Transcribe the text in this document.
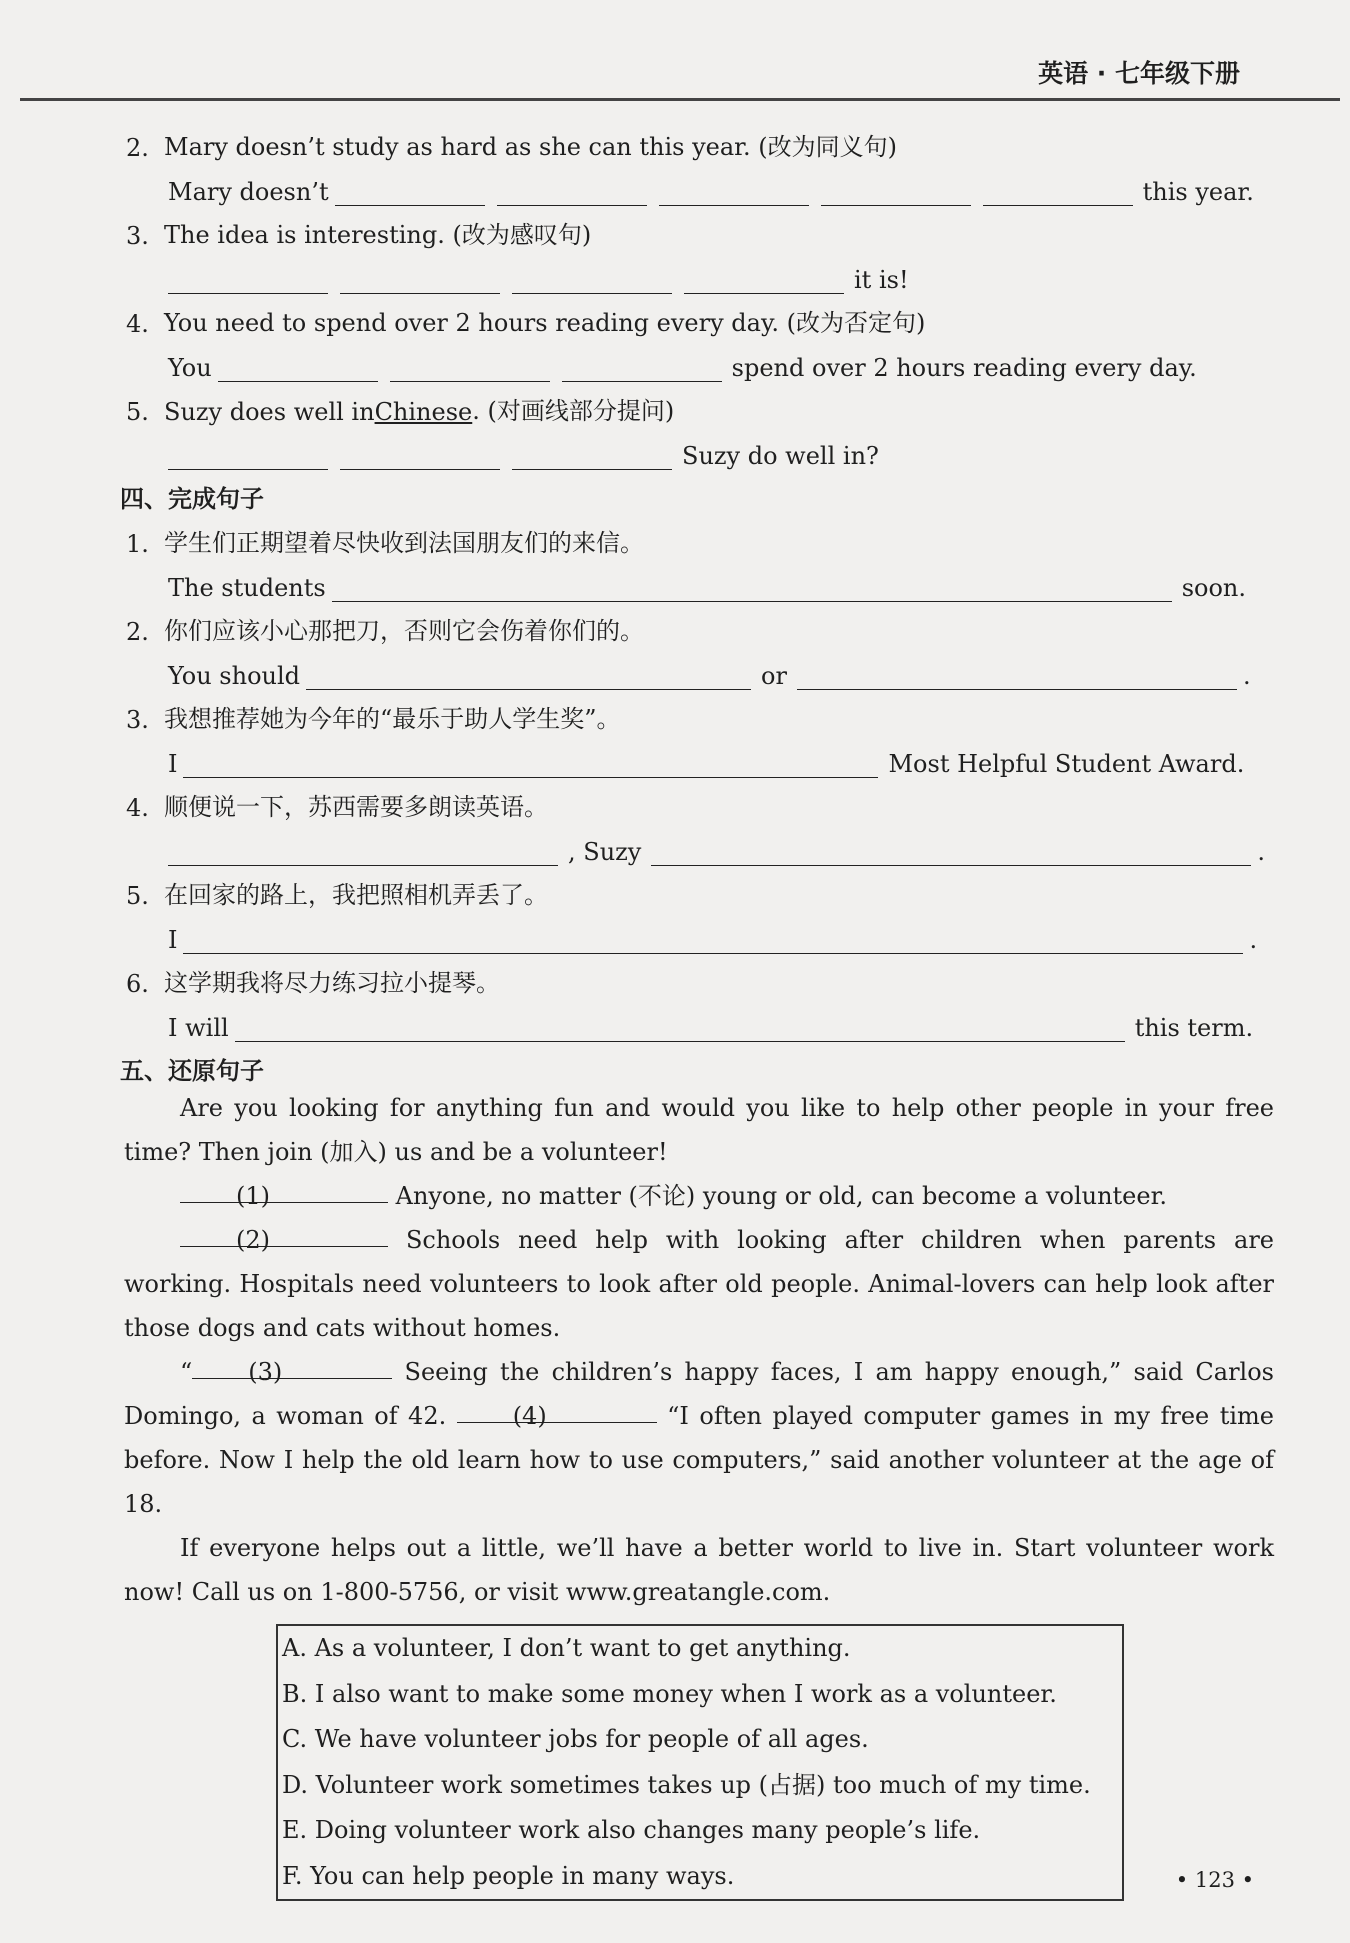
英语 · 七年级下册
2. Mary doesn’t study as hard as she can this year. (改为同义句)
Mary doesn’t	this year.
3. The idea is interesting. (改为感叹句)
it is!
4. You need to spend over 2 hours reading every day. (改为否定句)
You	spend over 2 hours reading every day.
5. Suzy does well in Chinese . (对画线部分提问)
Suzy do well in?
四、完成句子
1. 学生们正期望着尽快收到法国朋友们的来信。
The students	soon.
2. 你们应该小心那把刀，否则它会伤着你们的。
You should	or	.
3. 我想推荐她为今年的“最乐于助人学生奖”。
I	Most Helpful Student Award.
4. 顺便说一下，苏西需要多朗读英语。
, Suzy	.
5. 在回家的路上，我把照相机弄丢了。
I	.
6. 这学期我将尽力练习拉小提琴。
I will	this term.
五、还原句子
Are you looking for anything fun and would you like to help other people in your free time? Then join (加入) us and be a volunteer!
(1)	Anyone, no matter (不论) young or old, can become a volunteer.
(2)	Schools need help with looking after children when parents are working. Hospitals need volunteers to look after old people. Animal-lovers can help look after those dogs and cats without homes.
“ (3)	Seeing the children’s happy faces, I am happy enough,” said Carlos Domingo, a woman of 42.	(4)	“I often played computer games in my free time before. Now I help the old learn how to use computers,” said another volunteer at the age of 18.
If everyone helps out a little, we’ll have a better world to live in. Start volunteer work now! Call us on 1-800-5756, or visit www.greatangle.com.
A. As a volunteer, I don’t want to get anything.
B. I also want to make some money when I work as a volunteer.
C. We have volunteer jobs for people of all ages.
D. Volunteer work sometimes takes up (占据) too much of my time.
E. Doing volunteer work also changes many people’s life.
F. You can help people in many ways.	• 123 •
